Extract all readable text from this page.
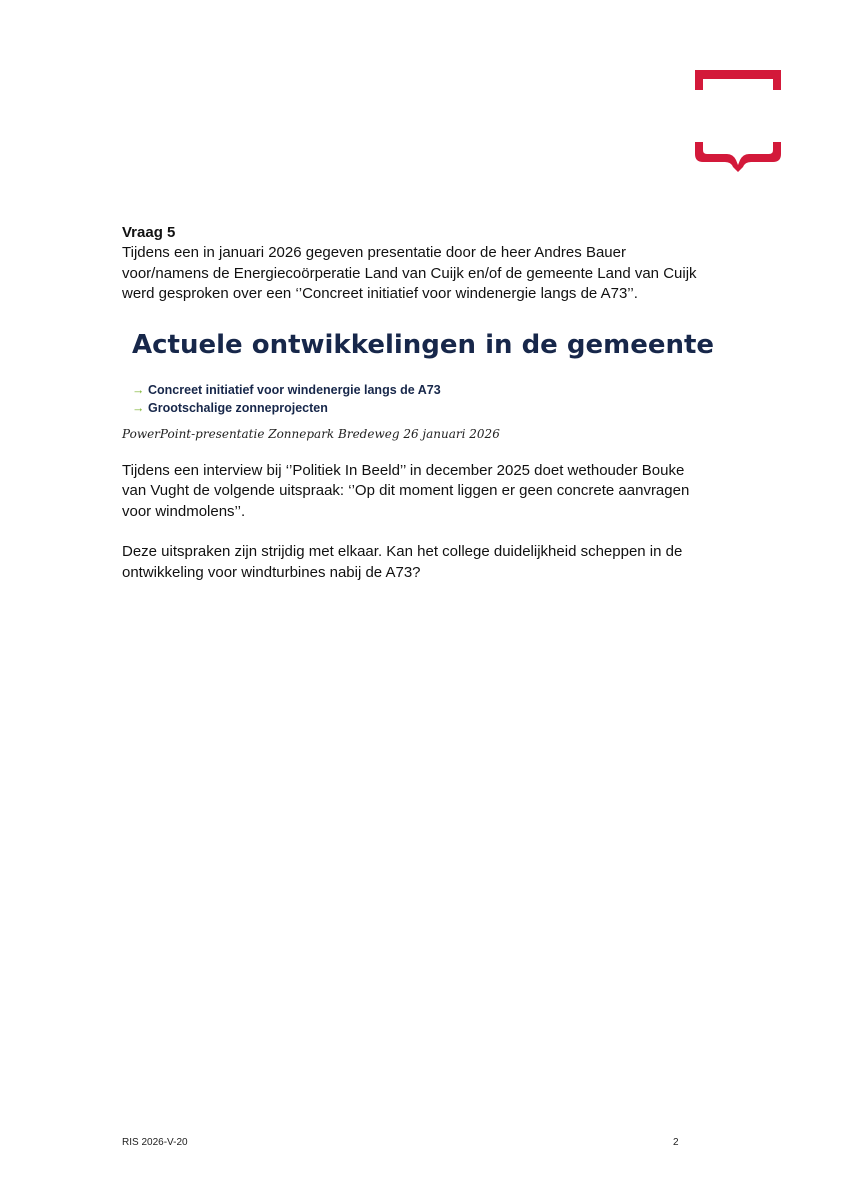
Vraag 5

Tijdens een in januari 2026 gegeven presentatie door de heer Andres Bauer voor/namens de Energiecoörperatie Land van Cuijk en/of de gemeente Land van Cuijk werd gesproken over een ‘’Concreet initiatief voor windenergie langs de A73’’.

Actuele ontwikkelingen in de gemeente

→ Concreet initiatief voor windenergie langs de A73
→ Grootschalige zonneprojecten

PowerPoint-presentatie Zonnepark Bredeweg 26 januari 2026

Tijdens een interview bij ‘’Politiek In Beeld’’ in december 2025 doet wethouder Bouke van Vught de volgende uitspraak: ‘’Op dit moment liggen er geen concrete aanvragen voor windmolens’’.

Deze uitspraken zijn strijdig met elkaar. Kan het college duidelijkheid scheppen in de ontwikkeling voor windturbines nabij de A73?

RIS 2026-V-20	2
